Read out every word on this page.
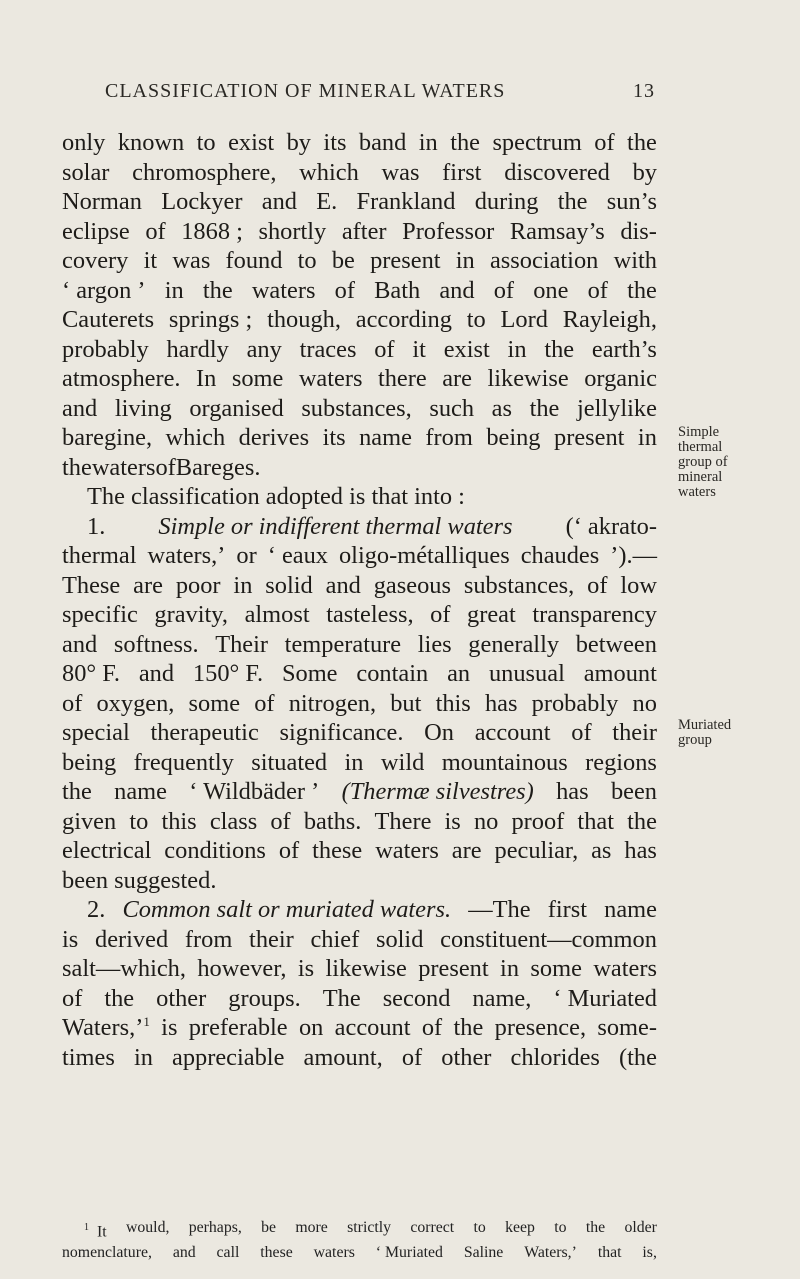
CLASSIFICATION OF MINERAL WATERS	13
only known to exist by its band in the spectrum of the
solar chromosphere, which was first discovered by
Norman Lockyer and E. Frankland during the sun’s
eclipse of 1868 ; shortly after Professor Ramsay’s dis-
covery it was found to be present in association with
‘ argon ’ in the waters of Bath and of one of the
Cauterets springs ; though, according to Lord Rayleigh,
probably hardly any traces of it exist in the earth’s
atmosphere. In some waters there are likewise organic
and living organised substances, such as the jellylike
baregine, which derives its name from being present in
the waters of Bareges.
The classification adopted is that into :
1. Simple or indifferent thermal waters (‘ akrato-
thermal waters,’ or ‘ eaux oligo-métalliques chaudes ’).—
These are poor in solid and gaseous substances, of low
specific gravity, almost tasteless, of great transparency
and softness. Their temperature lies generally between
80° F. and 150° F. Some contain an unusual amount
of oxygen, some of nitrogen, but this has probably no
special therapeutic significance. On account of their
being frequently situated in wild mountainous regions
the name ‘ Wildbäder ’ (Thermæ silvestres) has been
given to this class of baths. There is no proof that the
electrical conditions of these waters are peculiar, as has
been suggested.
2. Common salt or muriated waters. —The first name
is derived from their chief solid constituent—common
salt—which, however, is likewise present in some waters
of the other groups. The second name, ‘ Muriated
Waters,’1 is preferable on account of the presence, some-
times in appreciable amount, of other chlorides (the
Simple
thermal
group of
mineral
waters
Muriated
group
$^1$ It would, perhaps, be more strictly correct to keep to the older
nomenclature, and call these waters ‘ Muriated Saline Waters,’ that is,
